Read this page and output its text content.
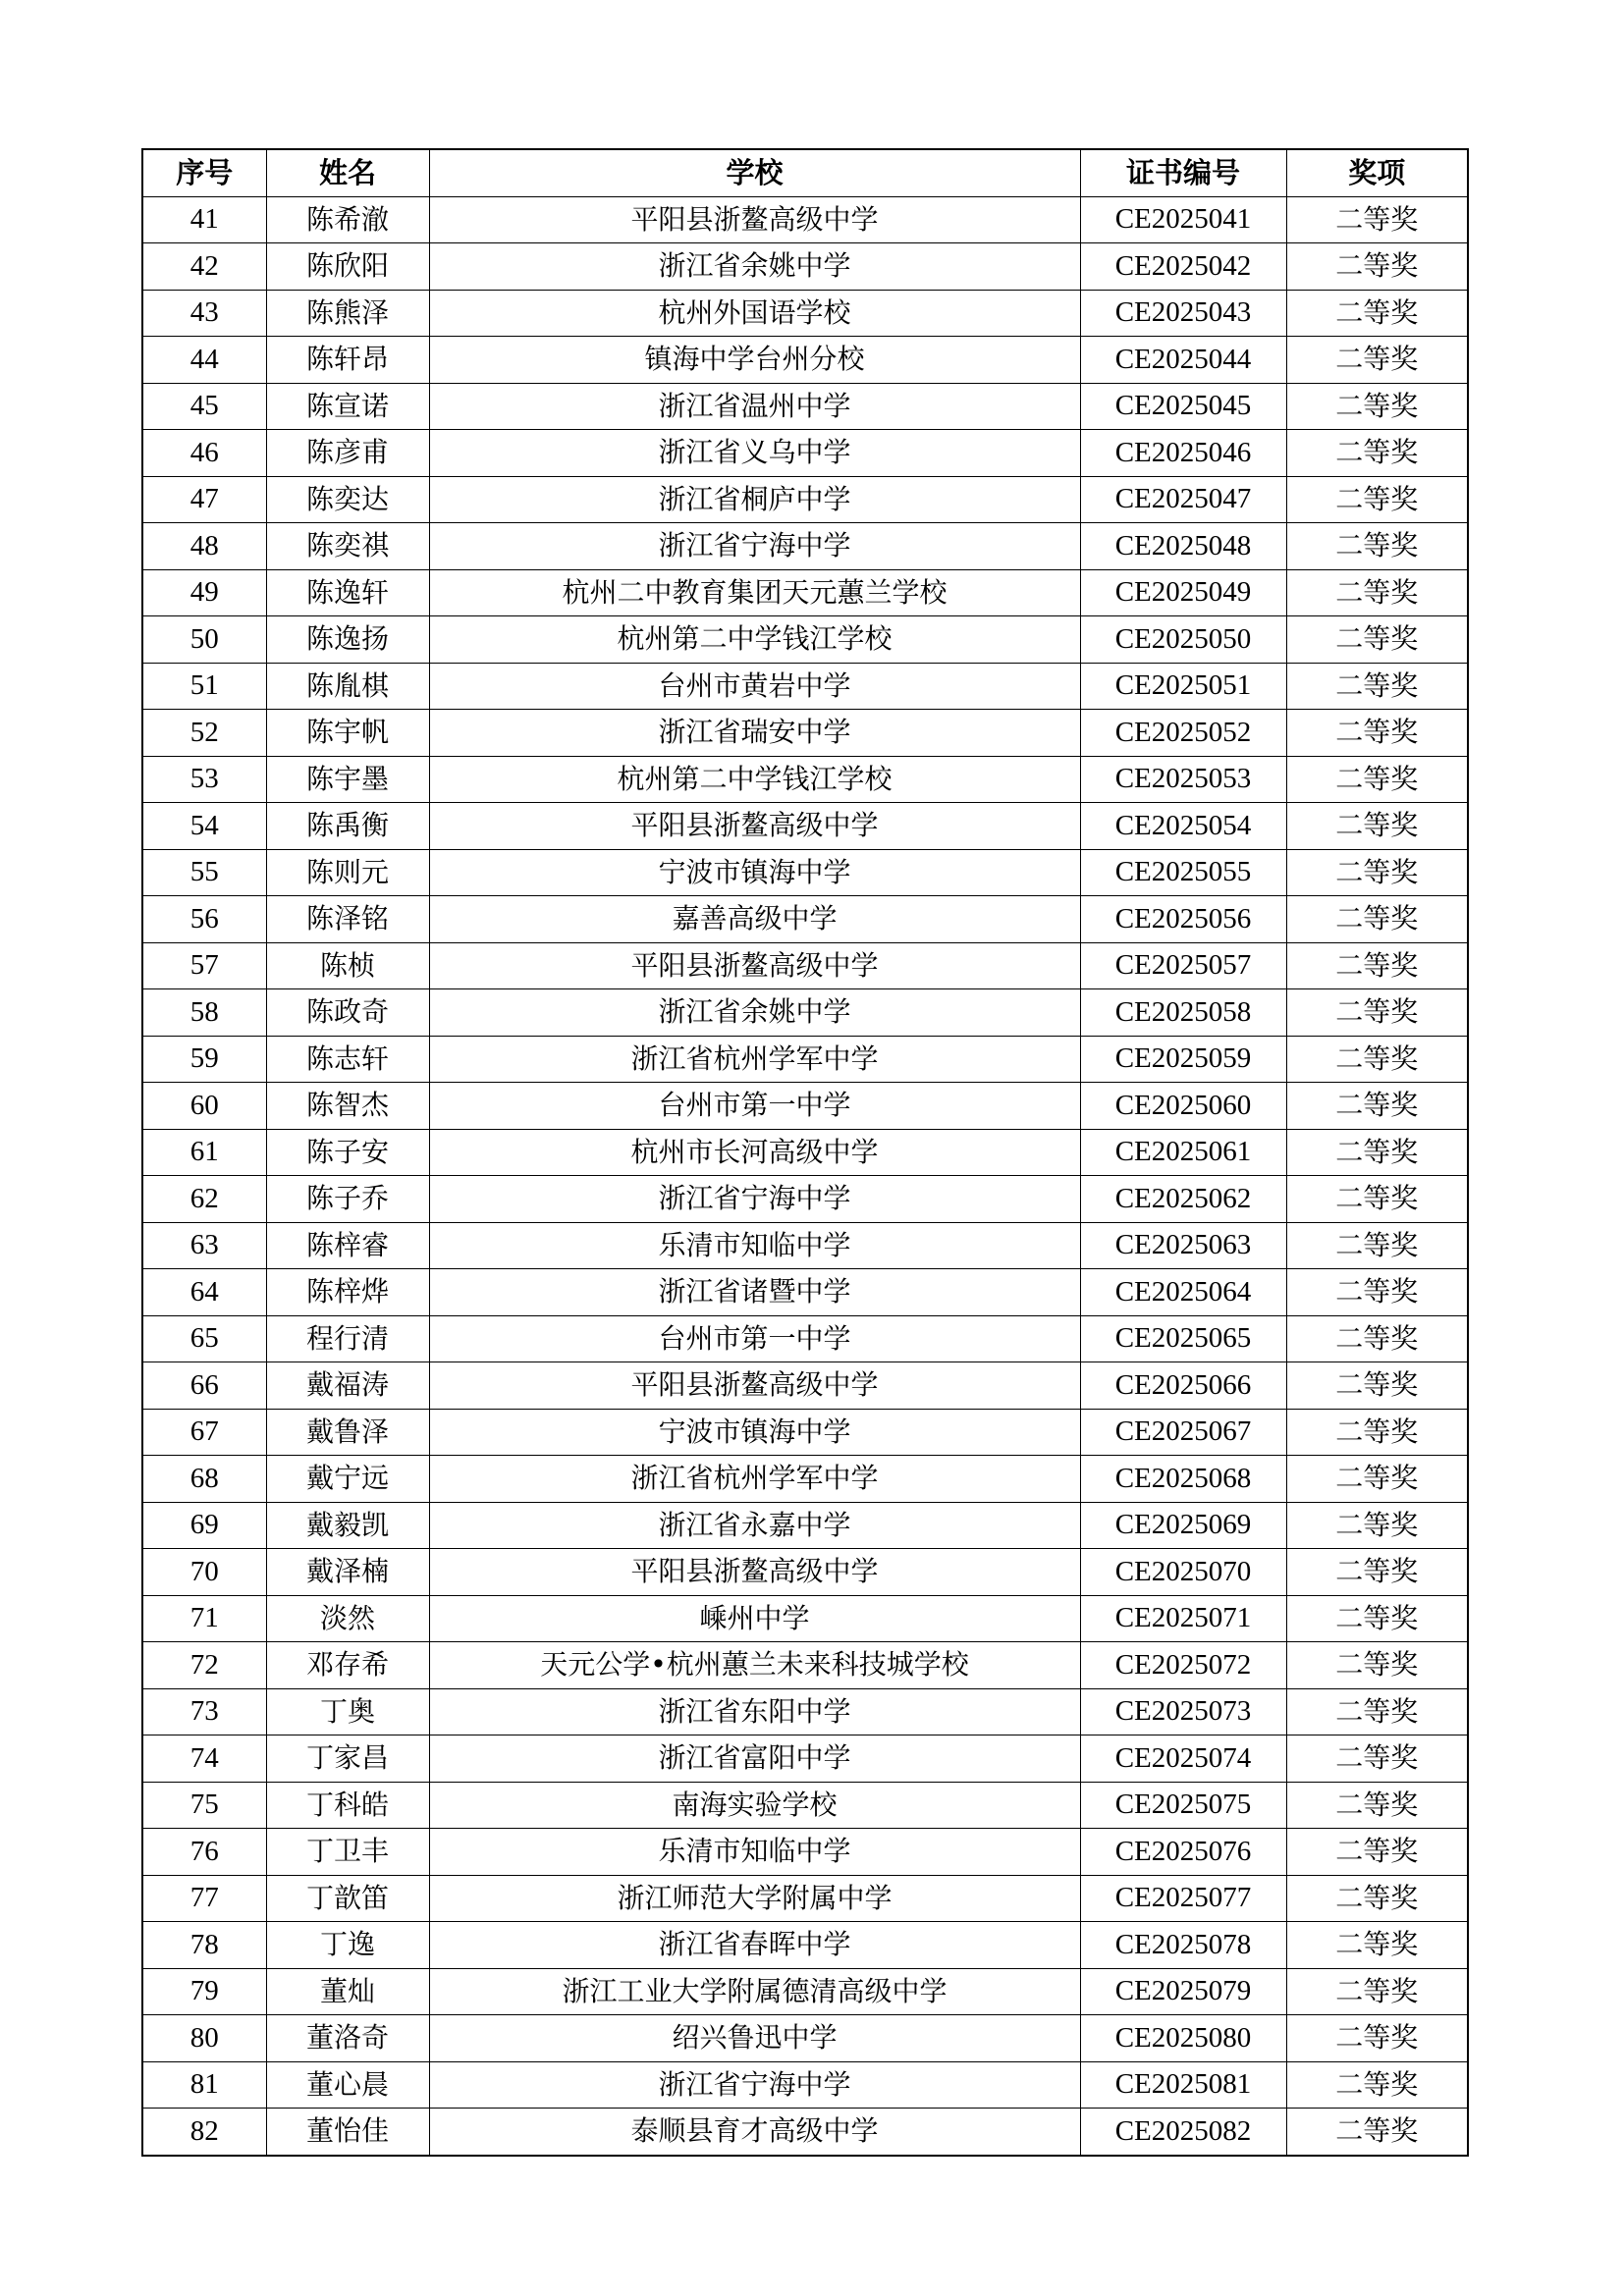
序号	姓名	学校	证书编号	奖项
41	陈希澈	平阳县浙鳌高级中学	CE2025041	二等奖
42	陈欣阳	浙江省余姚中学	CE2025042	二等奖
43	陈熊泽	杭州外国语学校	CE2025043	二等奖
44	陈轩昂	镇海中学台州分校	CE2025044	二等奖
45	陈宣诺	浙江省温州中学	CE2025045	二等奖
46	陈彦甫	浙江省义乌中学	CE2025046	二等奖
47	陈奕达	浙江省桐庐中学	CE2025047	二等奖
48	陈奕祺	浙江省宁海中学	CE2025048	二等奖
49	陈逸轩	杭州二中教育集团天元蕙兰学校	CE2025049	二等奖
50	陈逸扬	杭州第二中学钱江学校	CE2025050	二等奖
51	陈胤棋	台州市黄岩中学	CE2025051	二等奖
52	陈宇帆	浙江省瑞安中学	CE2025052	二等奖
53	陈宇墨	杭州第二中学钱江学校	CE2025053	二等奖
54	陈禹衡	平阳县浙鳌高级中学	CE2025054	二等奖
55	陈则元	宁波市镇海中学	CE2025055	二等奖
56	陈泽铭	嘉善高级中学	CE2025056	二等奖
57	陈桢	平阳县浙鳌高级中学	CE2025057	二等奖
58	陈政奇	浙江省余姚中学	CE2025058	二等奖
59	陈志轩	浙江省杭州学军中学	CE2025059	二等奖
60	陈智杰	台州市第一中学	CE2025060	二等奖
61	陈子安	杭州市长河高级中学	CE2025061	二等奖
62	陈子乔	浙江省宁海中学	CE2025062	二等奖
63	陈梓睿	乐清市知临中学	CE2025063	二等奖
64	陈梓烨	浙江省诸暨中学	CE2025064	二等奖
65	程行清	台州市第一中学	CE2025065	二等奖
66	戴福涛	平阳县浙鳌高级中学	CE2025066	二等奖
67	戴鲁泽	宁波市镇海中学	CE2025067	二等奖
68	戴宁远	浙江省杭州学军中学	CE2025068	二等奖
69	戴毅凯	浙江省永嘉中学	CE2025069	二等奖
70	戴泽楠	平阳县浙鳌高级中学	CE2025070	二等奖
71	淡然	嵊州中学	CE2025071	二等奖
72	邓存希	天元公学•杭州蕙兰未来科技城学校	CE2025072	二等奖
73	丁奥	浙江省东阳中学	CE2025073	二等奖
74	丁家昌	浙江省富阳中学	CE2025074	二等奖
75	丁科皓	南海实验学校	CE2025075	二等奖
76	丁卫丰	乐清市知临中学	CE2025076	二等奖
77	丁歆笛	浙江师范大学附属中学	CE2025077	二等奖
78	丁逸	浙江省春晖中学	CE2025078	二等奖
79	董灿	浙江工业大学附属德清高级中学	CE2025079	二等奖
80	董洛奇	绍兴鲁迅中学	CE2025080	二等奖
81	董心晨	浙江省宁海中学	CE2025081	二等奖
82	董怡佳	泰顺县育才高级中学	CE2025082	二等奖
